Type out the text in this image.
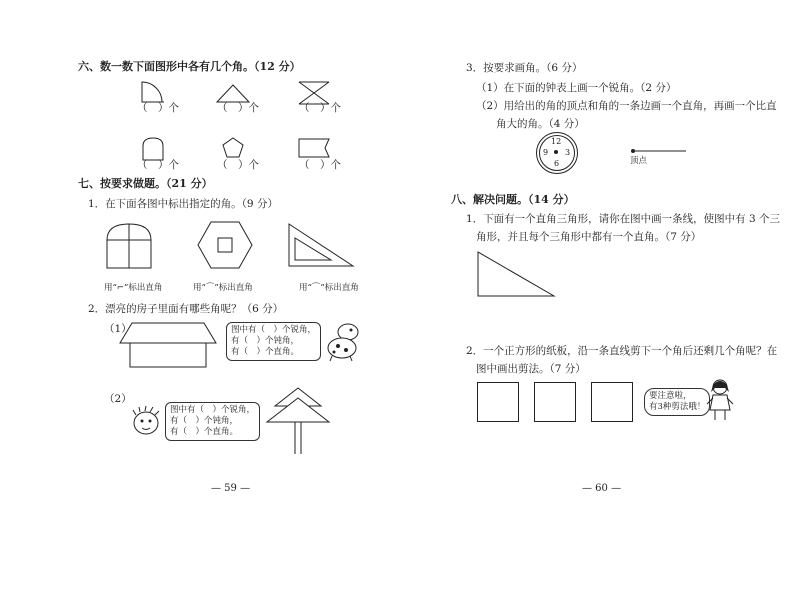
六、数一数下面图形中各有几个角。（12 分）
（　）个	（　）个	（　）个
（　）个	（　）个	（　）个
七、按要求做题。（21 分）
1．在下面各图中标出指定的角。（9 分）
用“⌐”标出直角	用“⌒”标出直角	用“⌒”标出直角
2．漂亮的房子里面有哪些角呢？（6 分）
（1）	图中有（　）个锐角，
有（　）个钝角，
有（　）个直角。
（2）
图中有（　）个锐角，
有（　）个钝角，
有（　）个直角。
— 59 —
3．按要求画角。（6 分）
（1）在下面的钟表上画一个锐角。（2 分）
（2）用给出的角的顶点和角的一条边画一个直角，再画一个比直
角大的角。（4 分）
12
9 3
6	顶点
八、解决问题。（14 分）
1．下面有一个直角三角形，请你在图中画一条线，使图中有 3 个三
角形，并且每个三角形中都有一个直角。（7 分）
2．一个正方形的纸板，沿一条直线剪下一个角后还剩几个角呢？在
图中画出剪法。（7 分）
要注意啦，
有3种剪法哦！
— 60 —
